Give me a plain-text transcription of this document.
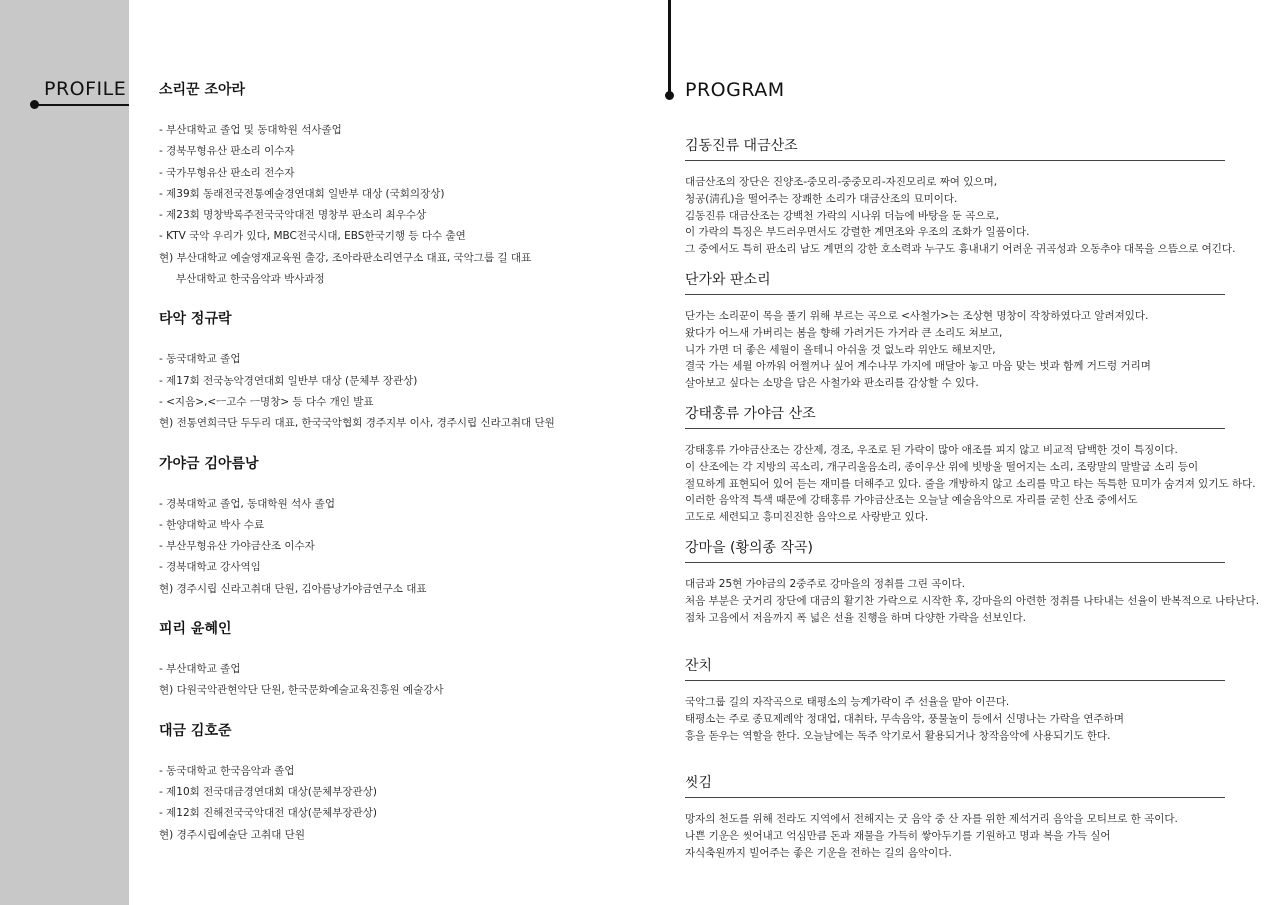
PROFILE 소리꾼 조아라
- 부산대학교 졸업 및 동대학원 석사졸업
- 경북무형유산 판소리 이수자
- 국가무형유산 판소리 전수자
- 제39회 동래전국전통예술경연대회 일반부 대상 (국회의장상)
- 제23회 명창박록주전국국악대전 명창부 판소리 최우수상
- KTV 국악 우리가 있다, MBC전국시대, EBS한국기행 등 다수 출연
현) 부산대학교 예술영재교육원 출강, 조아라판소리연구소 대표, 국악그룹 길 대표
부산대학교 한국음악과 박사과정
타악 정규락
- 동국대학교 졸업
- 제17회 전국농악경연대회 일반부 대상 (문체부 장관상)
- <지음>,<ㅡ고수 ㅡ명창> 등 다수 개인 발표
현) 전통연희극단 두두리 대표, 한국국악협회 경주지부 이사, 경주시립 신라고취대 단원
가야금 김아름낭
- 경북대학교 졸업, 동대학원 석사 졸업
- 한양대학교 박사 수료
- 부산무형유산 가야금산조 이수자
- 경북대학교 강사역임
현) 경주시립 신라고취대 단원, 김아름낭가야금연구소 대표
피리 윤혜인
- 부산대학교 졸업
현) 다원국악관현악단 단원, 한국문화예술교육진흥원 예술강사
대금 김호준
- 동국대학교 한국음악과 졸업
- 제10회 전국대금경연대회 대상(문체부장관상)
- 제12회 진해전국국악대전 대상(문체부장관상)
현) 경주시립예술단 고취대 단원
PROGRAM
김동진류 대금산조
대금산조의 장단은 진양조-중모리-중중모리-자진모리로 짜여 있으며,
청공(淸孔)을 떨어주는 장쾌한 소리가 대금산조의 묘미이다.
김동진류 대금산조는 강백천 가락의 시나위 더늠에 바탕을 둔 곡으로,
이 가락의 특징은 부드러우면서도 강렬한 계면조와 우조의 조화가 일품이다.
그 중에서도 특히 판소리 남도 계면의 강한 호소력과 누구도 흉내내기 어려운 귀곡성과 오동추야 대목을 으뜸으로 여긴다.
단가와 판소리
단가는 소리꾼이 목을 풀기 위해 부르는 곡으로 <사철가>는 조상현 명창이 작창하였다고 알려져있다.
왔다가 어느새 가버리는 봄을 향해 가려거든 가거라 큰 소리도 쳐보고,
니가 가면 더 좋은 세월이 올테니 아쉬울 것 없노라 위안도 해보지만,
결국 가는 세월 아까워 어쩔꺼나 싶어 계수나무 가지에 매달아 놓고 마음 맞는 벗과 함께 거드렁 거리며
살아보고 싶다는 소망을 담은 사철가와 판소리를 감상할 수 있다.
강태홍류 가야금 산조
강태홍류 가야금산조는 강산제, 경조, 우조로 된 가락이 많아 애조를 피지 않고 비교적 담백한 것이 특징이다.
이 산조에는 각 지방의 곡소리, 개구리울음소리, 종이우산 위에 빗방울 떨어지는 소리, 조랑말의 말발굽 소리 등이
절묘하게 표현되어 있어 듣는 재미를 더해주고 있다. 줄을 개방하지 않고 소리를 막고 타는 독특한 묘미가 숨겨져 있기도 하다.
이러한 음악적 특색 때문에 강태홍류 가야금산조는 오늘날 예술음악으로 자리를 굳힌 산조 중에서도
고도로 세련되고 흥미진진한 음악으로 사랑받고 있다.
강마을 (황의종 작곡)
대금과 25현 가야금의 2중주로 강마을의 정취를 그린 곡이다.
처음 부분은 굿거리 장단에 대금의 활기찬 가락으로 시작한 후, 강마을의 아련한 정취를 나타내는 선율이 반복적으로 나타난다.
점차 고음에서 저음까지 폭 넓은 선율 진행을 하며 다양한 가락을 선보인다.
잔치
국악그룹 길의 자작곡으로 태평소의 능계가락이 주 선율을 맡아 이끈다.
태평소는 주로 종묘제례악 정대업, 대취타, 무속음악, 풍물놀이 등에서 신명나는 가락을 연주하며
흥을 돋우는 역할을 한다. 오늘날에는 독주 악기로서 활용되거나 창작음악에 사용되기도 한다.
씻김
망자의 천도를 위해 전라도 지역에서 전해지는 굿 음악 중 산 자를 위한 제석거리 음악을 모티브로 한 곡이다.
나쁜 기운은 씻어내고 억심만큼 돈과 재물을 가득히 쌓아두기를 기원하고 명과 복을 가득 실어
자식축원까지 빌어주는 좋은 기운을 전하는 길의 음악이다.
